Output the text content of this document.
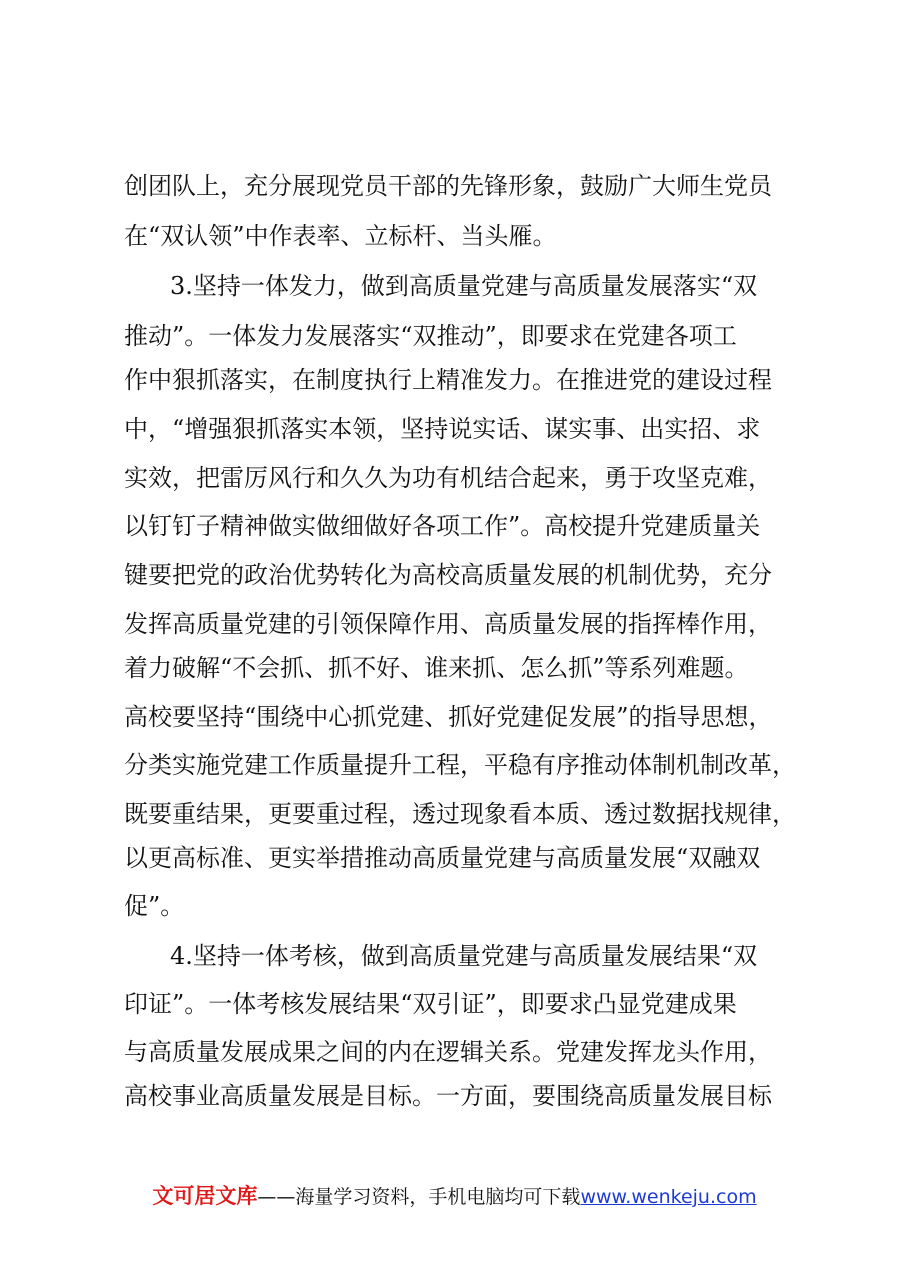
创团队上，充分展现党员干部的先锋形象，鼓励广大师生党员
在“双认领”中作表率、立标杆、当头雁。
3.坚持一体发力，做到高质量党建与高质量发展落实“双
推动”。一体发力发展落实“双推动”，即要求在党建各项工
作中狠抓落实，在制度执行上精准发力。在推进党的建设过程
中，“增强狠抓落实本领，坚持说实话、谋实事、出实招、求
实效，把雷厉风行和久久为功有机结合起来，勇于攻坚克难，
以钉钉子精神做实做细做好各项工作”。高校提升党建质量关
键要把党的政治优势转化为高校高质量发展的机制优势，充分
发挥高质量党建的引领保障作用、高质量发展的指挥棒作用，
着力破解“不会抓、抓不好、谁来抓、怎么抓”等系列难题。
高校要坚持“围绕中心抓党建、抓好党建促发展”的指导思想，
分类实施党建工作质量提升工程，平稳有序推动体制机制改革，
既要重结果，更要重过程，透过现象看本质、透过数据找规律，
以更高标准、更实举措推动高质量党建与高质量发展“双融双
促”。
4.坚持一体考核，做到高质量党建与高质量发展结果“双
印证”。一体考核发展结果“双引证”，即要求凸显党建成果
与高质量发展成果之间的内在逻辑关系。党建发挥龙头作用，
高校事业高质量发展是目标。一方面，要围绕高质量发展目标
文可居文库——海量学习资料，手机电脑均可下载www.wenkeju.com
